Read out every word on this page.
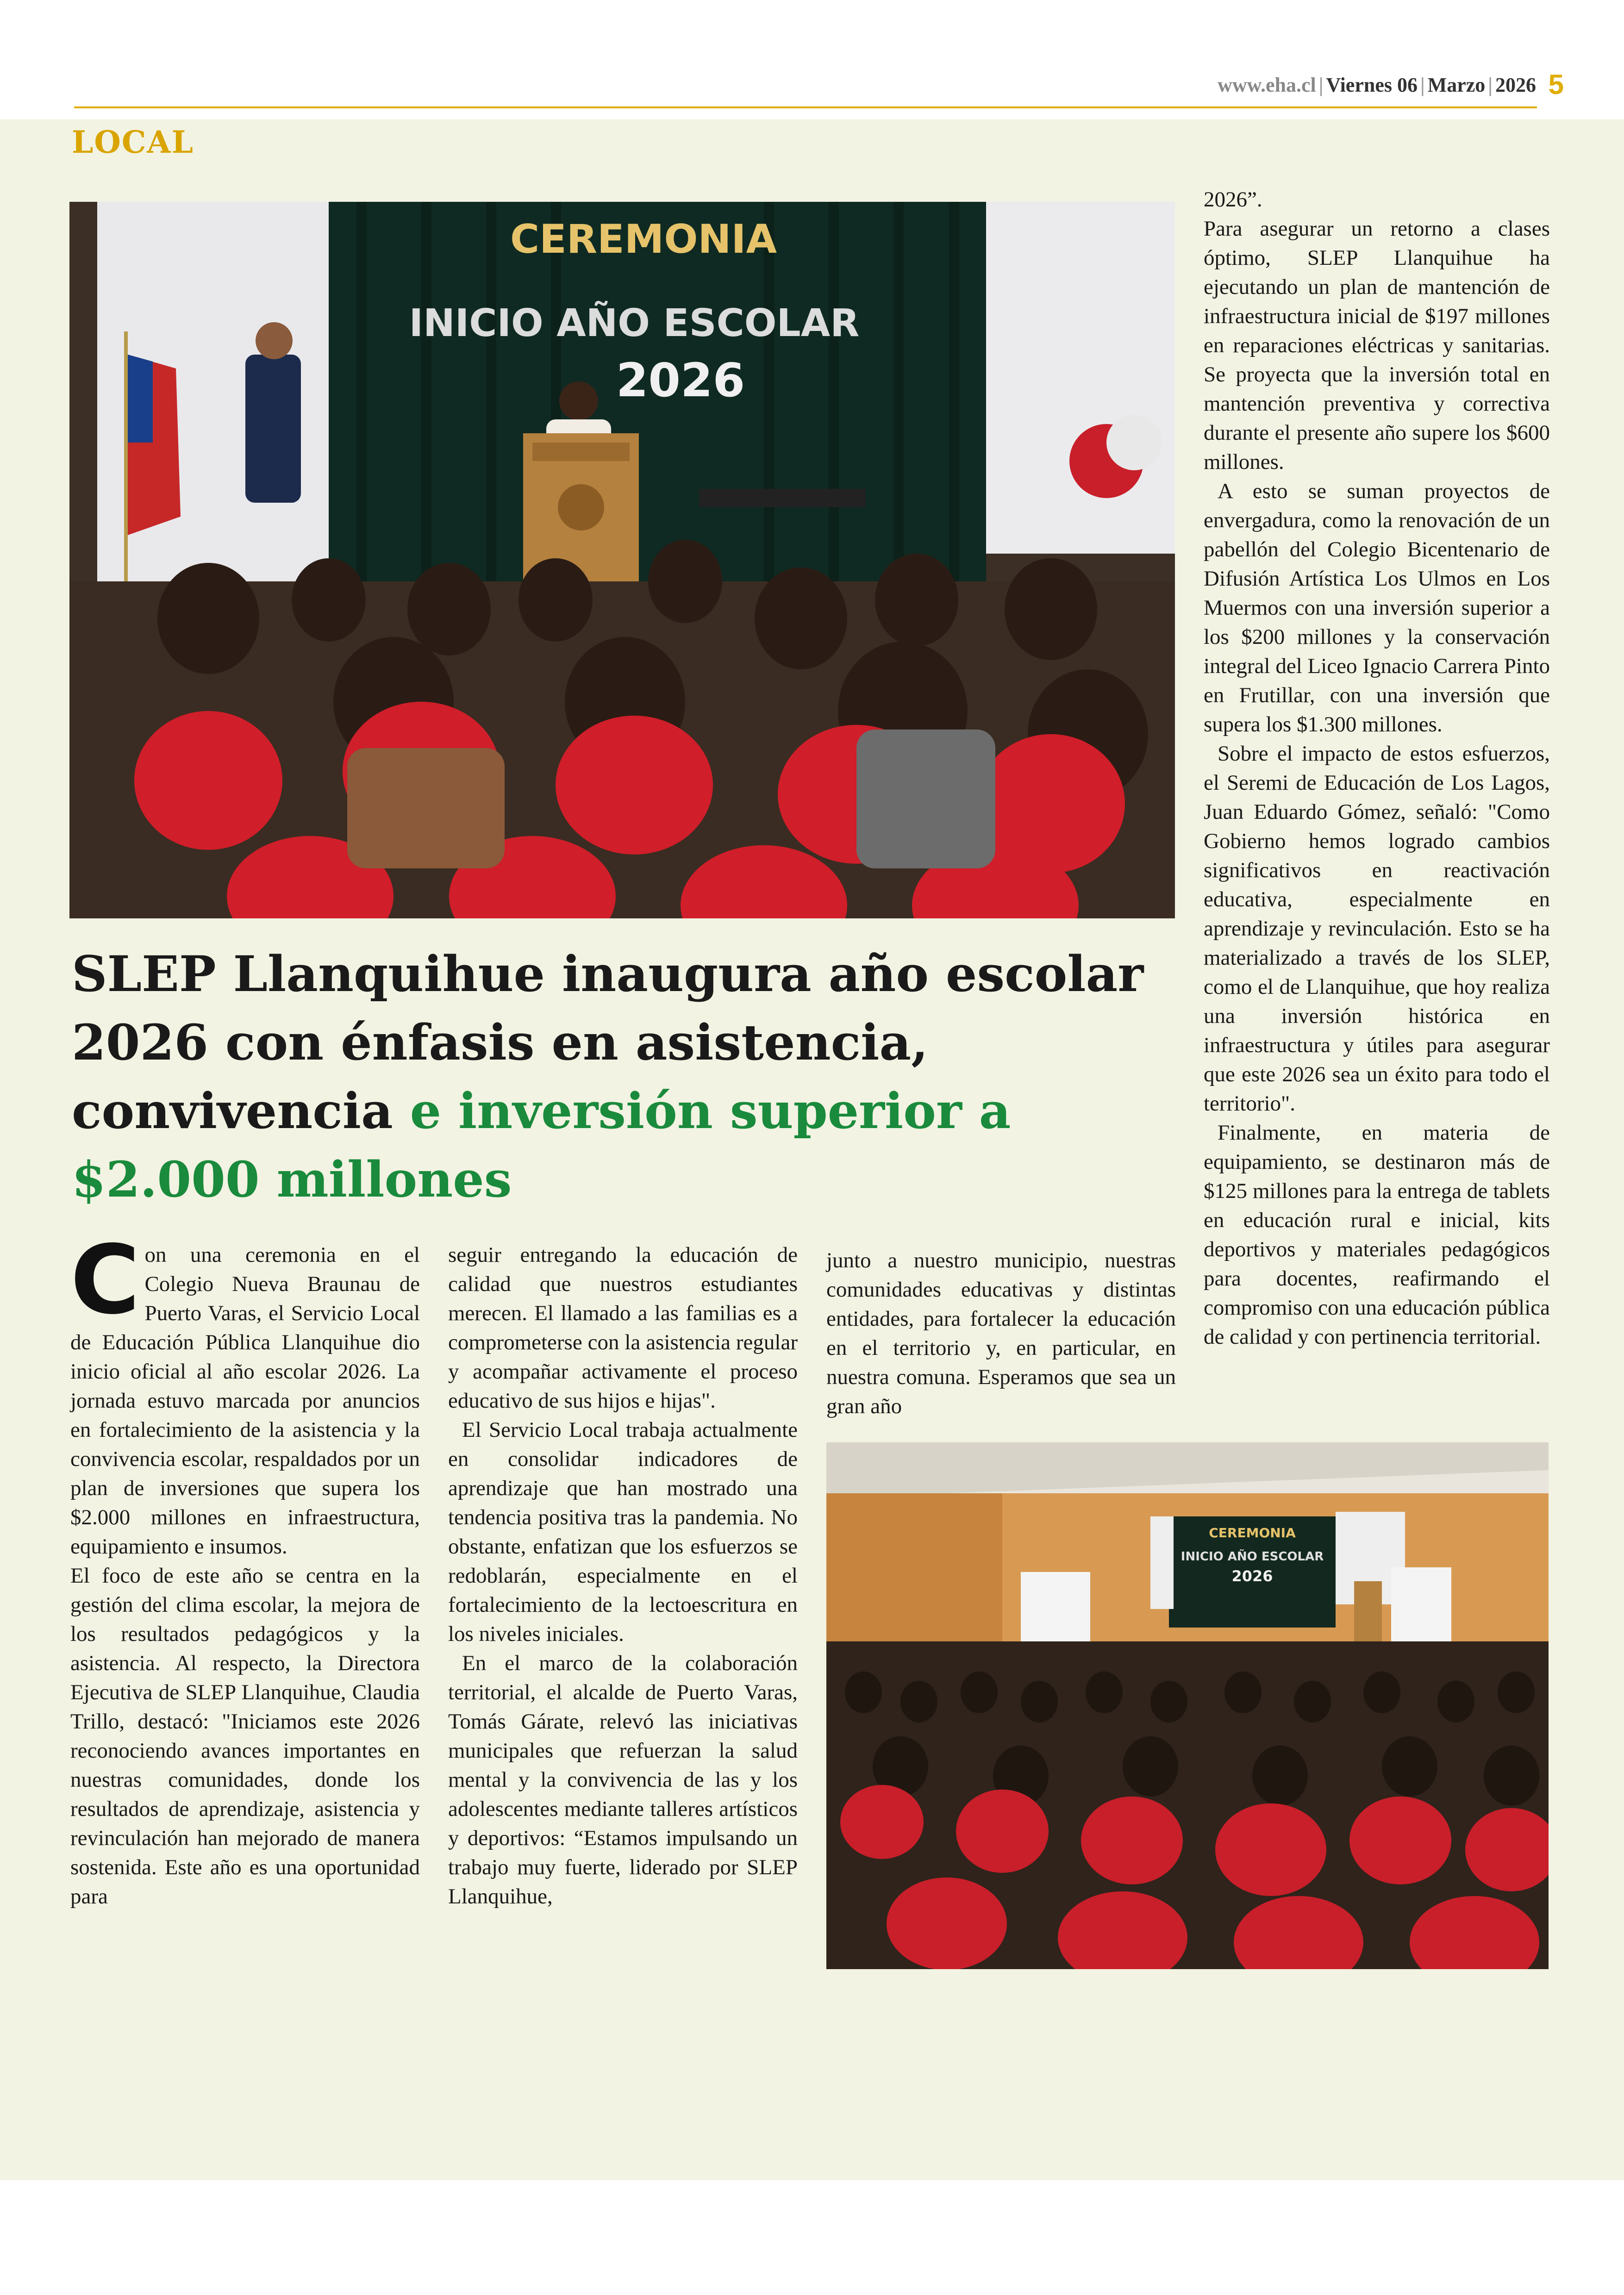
www.eha.cl | Viernes 06 | Marzo | 2026 5
LOCAL
CEREMONIA
INICIO AÑO ESCOLAR
2026
SLEP Llanquihue inaugura año escolar 2026 con énfasis en asistencia, convivencia e inversión superior a $2.000 millones

Con una ceremonia en el Colegio Nueva Braunau de Puerto Varas, el Servicio Local de Educación Pública Llanquihue dio inicio oficial al año escolar 2026. La jornada estuvo marcada por anuncios en fortalecimiento de la asistencia y la convivencia escolar, respaldados por un plan de inversiones que supera los $2.000 millones en infraestructura, equipamiento e insumos.

El foco de este año se centra en la gestión del clima escolar, la mejora de los resultados pedagógicos y la asistencia. Al respecto, la Directora Ejecutiva de SLEP Llanquihue, Claudia Trillo, destacó: "Iniciamos este 2026 reconociendo avances importantes en nuestras comunidades, donde los resultados de aprendizaje, asistencia y revinculación han mejorado de manera sostenida. Este año es una oportunidad para

seguir entregando la educación de calidad que nuestros estudiantes merecen. El llamado a las familias es a comprometerse con la asistencia regular y acompañar activamente el proceso educativo de sus hijos e hijas".

El Servicio Local trabaja actualmente en consolidar indicadores de aprendizaje que han mostrado una tendencia positiva tras la pandemia. No obstante, enfatizan que los esfuerzos se redoblarán, especialmente en el fortalecimiento de la lectoescritura en los niveles iniciales.

En el marco de la colaboración territorial, el alcalde de Puerto Varas, Tomás Gárate, relevó las iniciativas municipales que refuerzan la salud mental y la convivencia de las y los adolescentes mediante talleres artísticos y deportivos: “Estamos impulsando un trabajo muy fuerte, liderado por SLEP Llanquihue,

junto a nuestro municipio, nuestras comunidades educativas y distintas entidades, para fortalecer la educación en el territorio y, en particular, en nuestra comuna. Esperamos que sea un gran año

CEREMONIA
INICIO AÑO ESCOLAR
2026

2026”.

Para asegurar un retorno a clases óptimo, SLEP Llanquihue ha ejecutando un plan de mantención de infraestructura inicial de $197 millones en reparaciones eléctricas y sanitarias. Se proyecta que la inversión total en mantención preventiva y correctiva durante el presente año supere los $600 millones.

A esto se suman proyectos de envergadura, como la renovación de un pabellón del Colegio Bicentenario de Difusión Artística Los Ulmos en Los Muermos con una inversión superior a los $200 millones y la conservación integral del Liceo Ignacio Carrera Pinto en Frutillar, con una inversión que supera los $1.300 millones.

Sobre el impacto de estos esfuerzos, el Seremi de Educación de Los Lagos, Juan Eduardo Gómez, señaló: "Como Gobierno hemos logrado cambios significativos en reactivación educativa, especialmente en aprendizaje y revinculación. Esto se ha materializado a través de los SLEP, como el de Llanquihue, que hoy realiza una inversión histórica en infraestructura y útiles para asegurar que este 2026 sea un éxito para todo el territorio".

Finalmente, en materia de equipamiento, se destinaron más de $125 millones para la entrega de tablets en educación rural e inicial, kits deportivos y materiales pedagógicos para docentes, reafirmando el compromiso con una educación pública de calidad y con pertinencia territorial.
